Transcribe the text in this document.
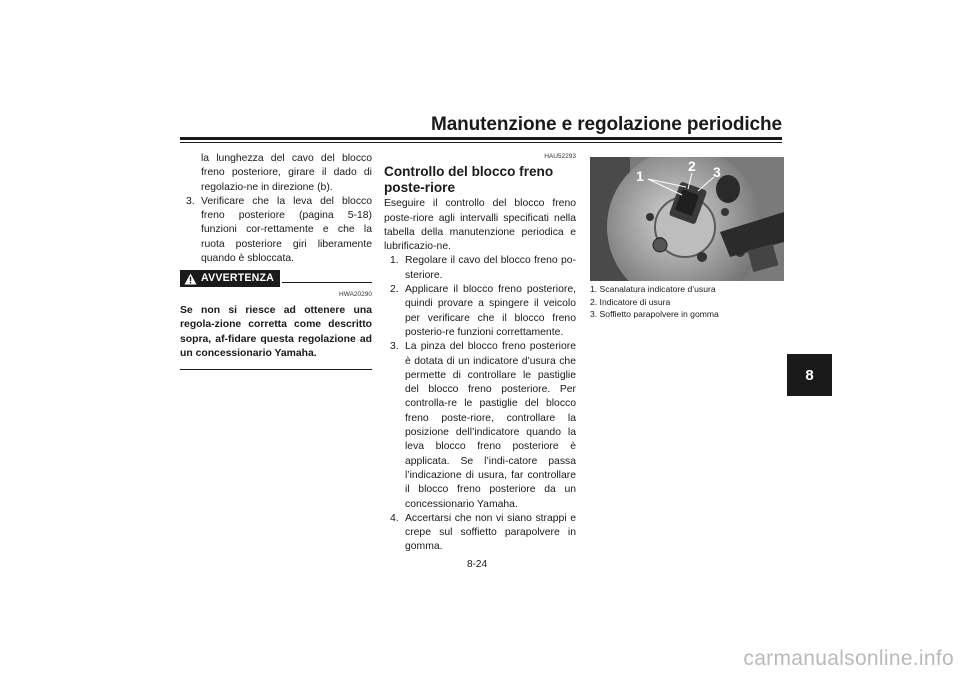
Manutenzione e regolazione periodiche
8
la lunghezza del cavo del blocco freno posteriore, girare il dado di regolazio-ne in direzione (b).
3. Verificare che la leva del blocco freno posteriore (pagina 5-18) funzioni cor-rettamente e che la ruota posteriore giri liberamente quando è sbloccata.
AVVERTENZA
HWA20290
Se non si riesce ad ottenere una regola-zione corretta come descritto sopra, af-fidare questa regolazione ad un concessionario Yamaha.
HAU52293
Controllo del blocco freno poste-riore
Eseguire il controllo del blocco freno poste-riore agli intervalli specificati nella tabella della manutenzione periodica e lubrificazio-ne.
1. Regolare il cavo del blocco freno po-steriore.
2. Applicare il blocco freno posteriore, quindi provare a spingere il veicolo per verificare che il blocco freno posterio-re funzioni correttamente.
3. La pinza del blocco freno posteriore è dotata di un indicatore d’usura che permette di controllare le pastiglie del blocco freno posteriore. Per controlla-re le pastiglie del blocco freno poste-riore, controllare la posizione dell’indicatore quando la leva blocco freno posteriore è applicata. Se l’indi-catore passa l’indicazione di usura, far controllare il blocco freno posteriore da un concessionario Yamaha.
4. Accertarsi che non vi siano strappi e crepe sul soffietto parapolvere in gomma.
1
2 3
1. Scanalatura indicatore d’usura
2. Indicatore di usura
3. Soffietto parapolvere in gomma
8-24
carmanualsonline.info
